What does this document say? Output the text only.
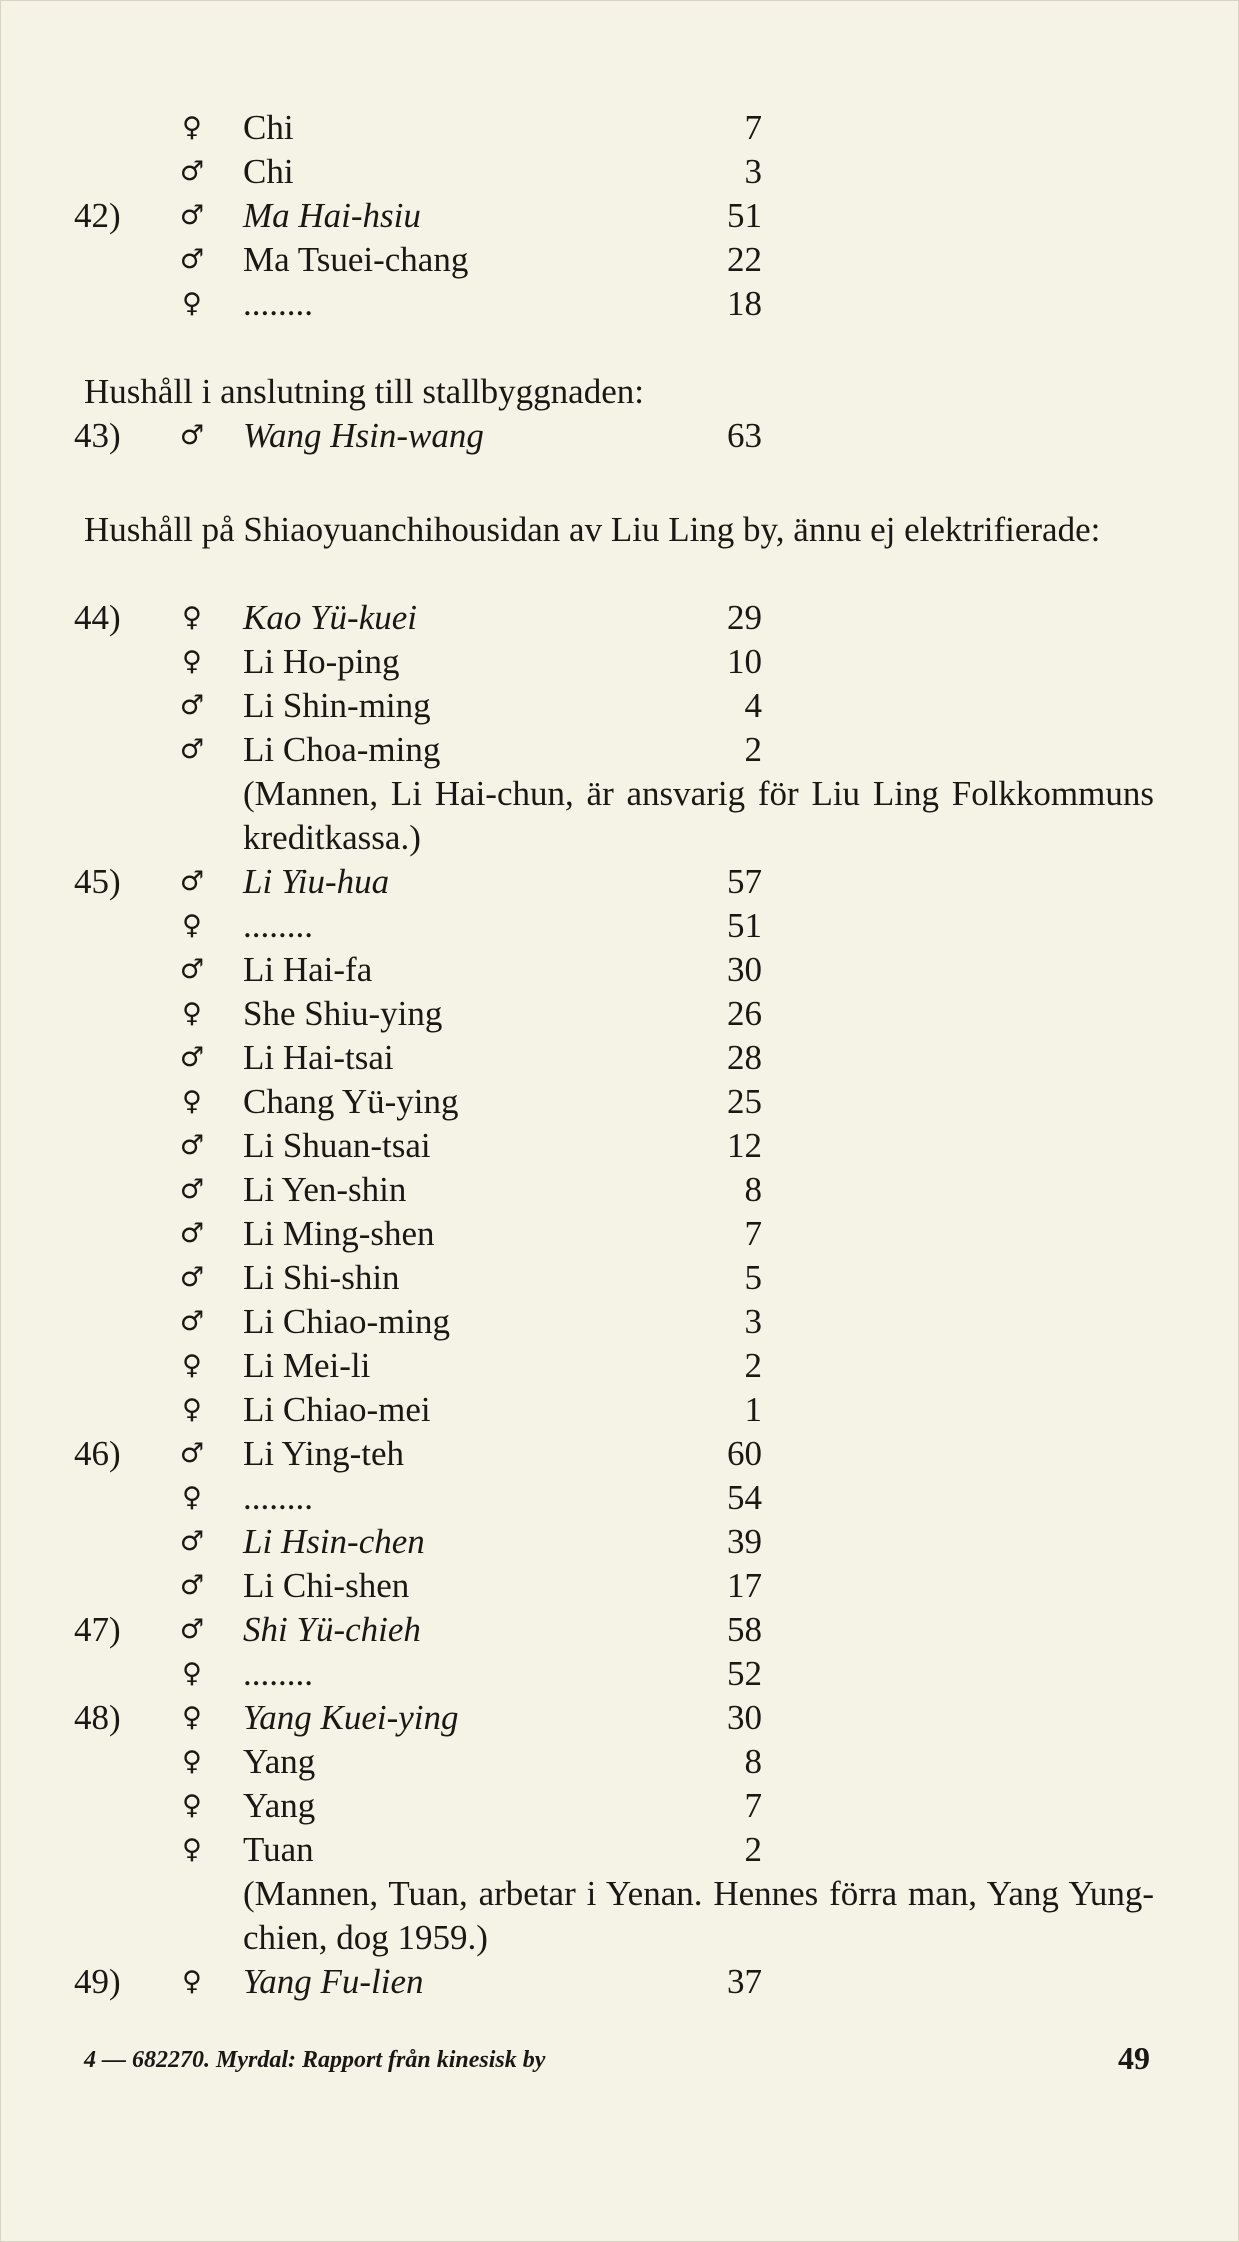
♀ Chi	7
♂ Chi	3
42)	♂ Ma Hai-hsiu	51
♂ Ma Tsuei-chang	22
♀ ........	18
Hushåll i anslutning till stallbyggnaden:
43)	♂ Wang Hsin-wang	63
Hushåll på Shiaoyuanchihousidan av Liu Ling by, ännu ej elektrifierade:
44)	♀ Kao Yü-kuei	29
♀ Li Ho-ping	10
♂ Li Shin-ming	4
♂ Li Choa-ming	2
(Mannen, Li Hai-chun, är ansvarig för Liu Ling Folkkommuns kreditkassa.)
45)	♂ Li Yiu-hua	57
♀ ........	51
♂ Li Hai-fa	30
♀ She Shiu-ying	26
♂ Li Hai-tsai	28
♀ Chang Yü-ying	25
♂ Li Shuan-tsai	12
♂ Li Yen-shin	8
♂ Li Ming-shen	7
♂ Li Shi-shin	5
♂ Li Chiao-ming	3
♀ Li Mei-li	2
♀ Li Chiao-mei	1
46)	♂ Li Ying-teh	60
♀ ........	54
♂ Li Hsin-chen	39
♂ Li Chi-shen	17
47)	♂ Shi Yü-chieh	58
♀ ........	52
48)	♀ Yang Kuei-ying	30
♀ Yang	8
♀ Yang	7
♀ Tuan	2
(Mannen, Tuan, arbetar i Yenan. Hennes förra man, Yang Yung-chien, dog 1959.)
49)	♀ Yang Fu-lien	37
4 — 682270. Myrdal: Rapport från kinesisk by	49
